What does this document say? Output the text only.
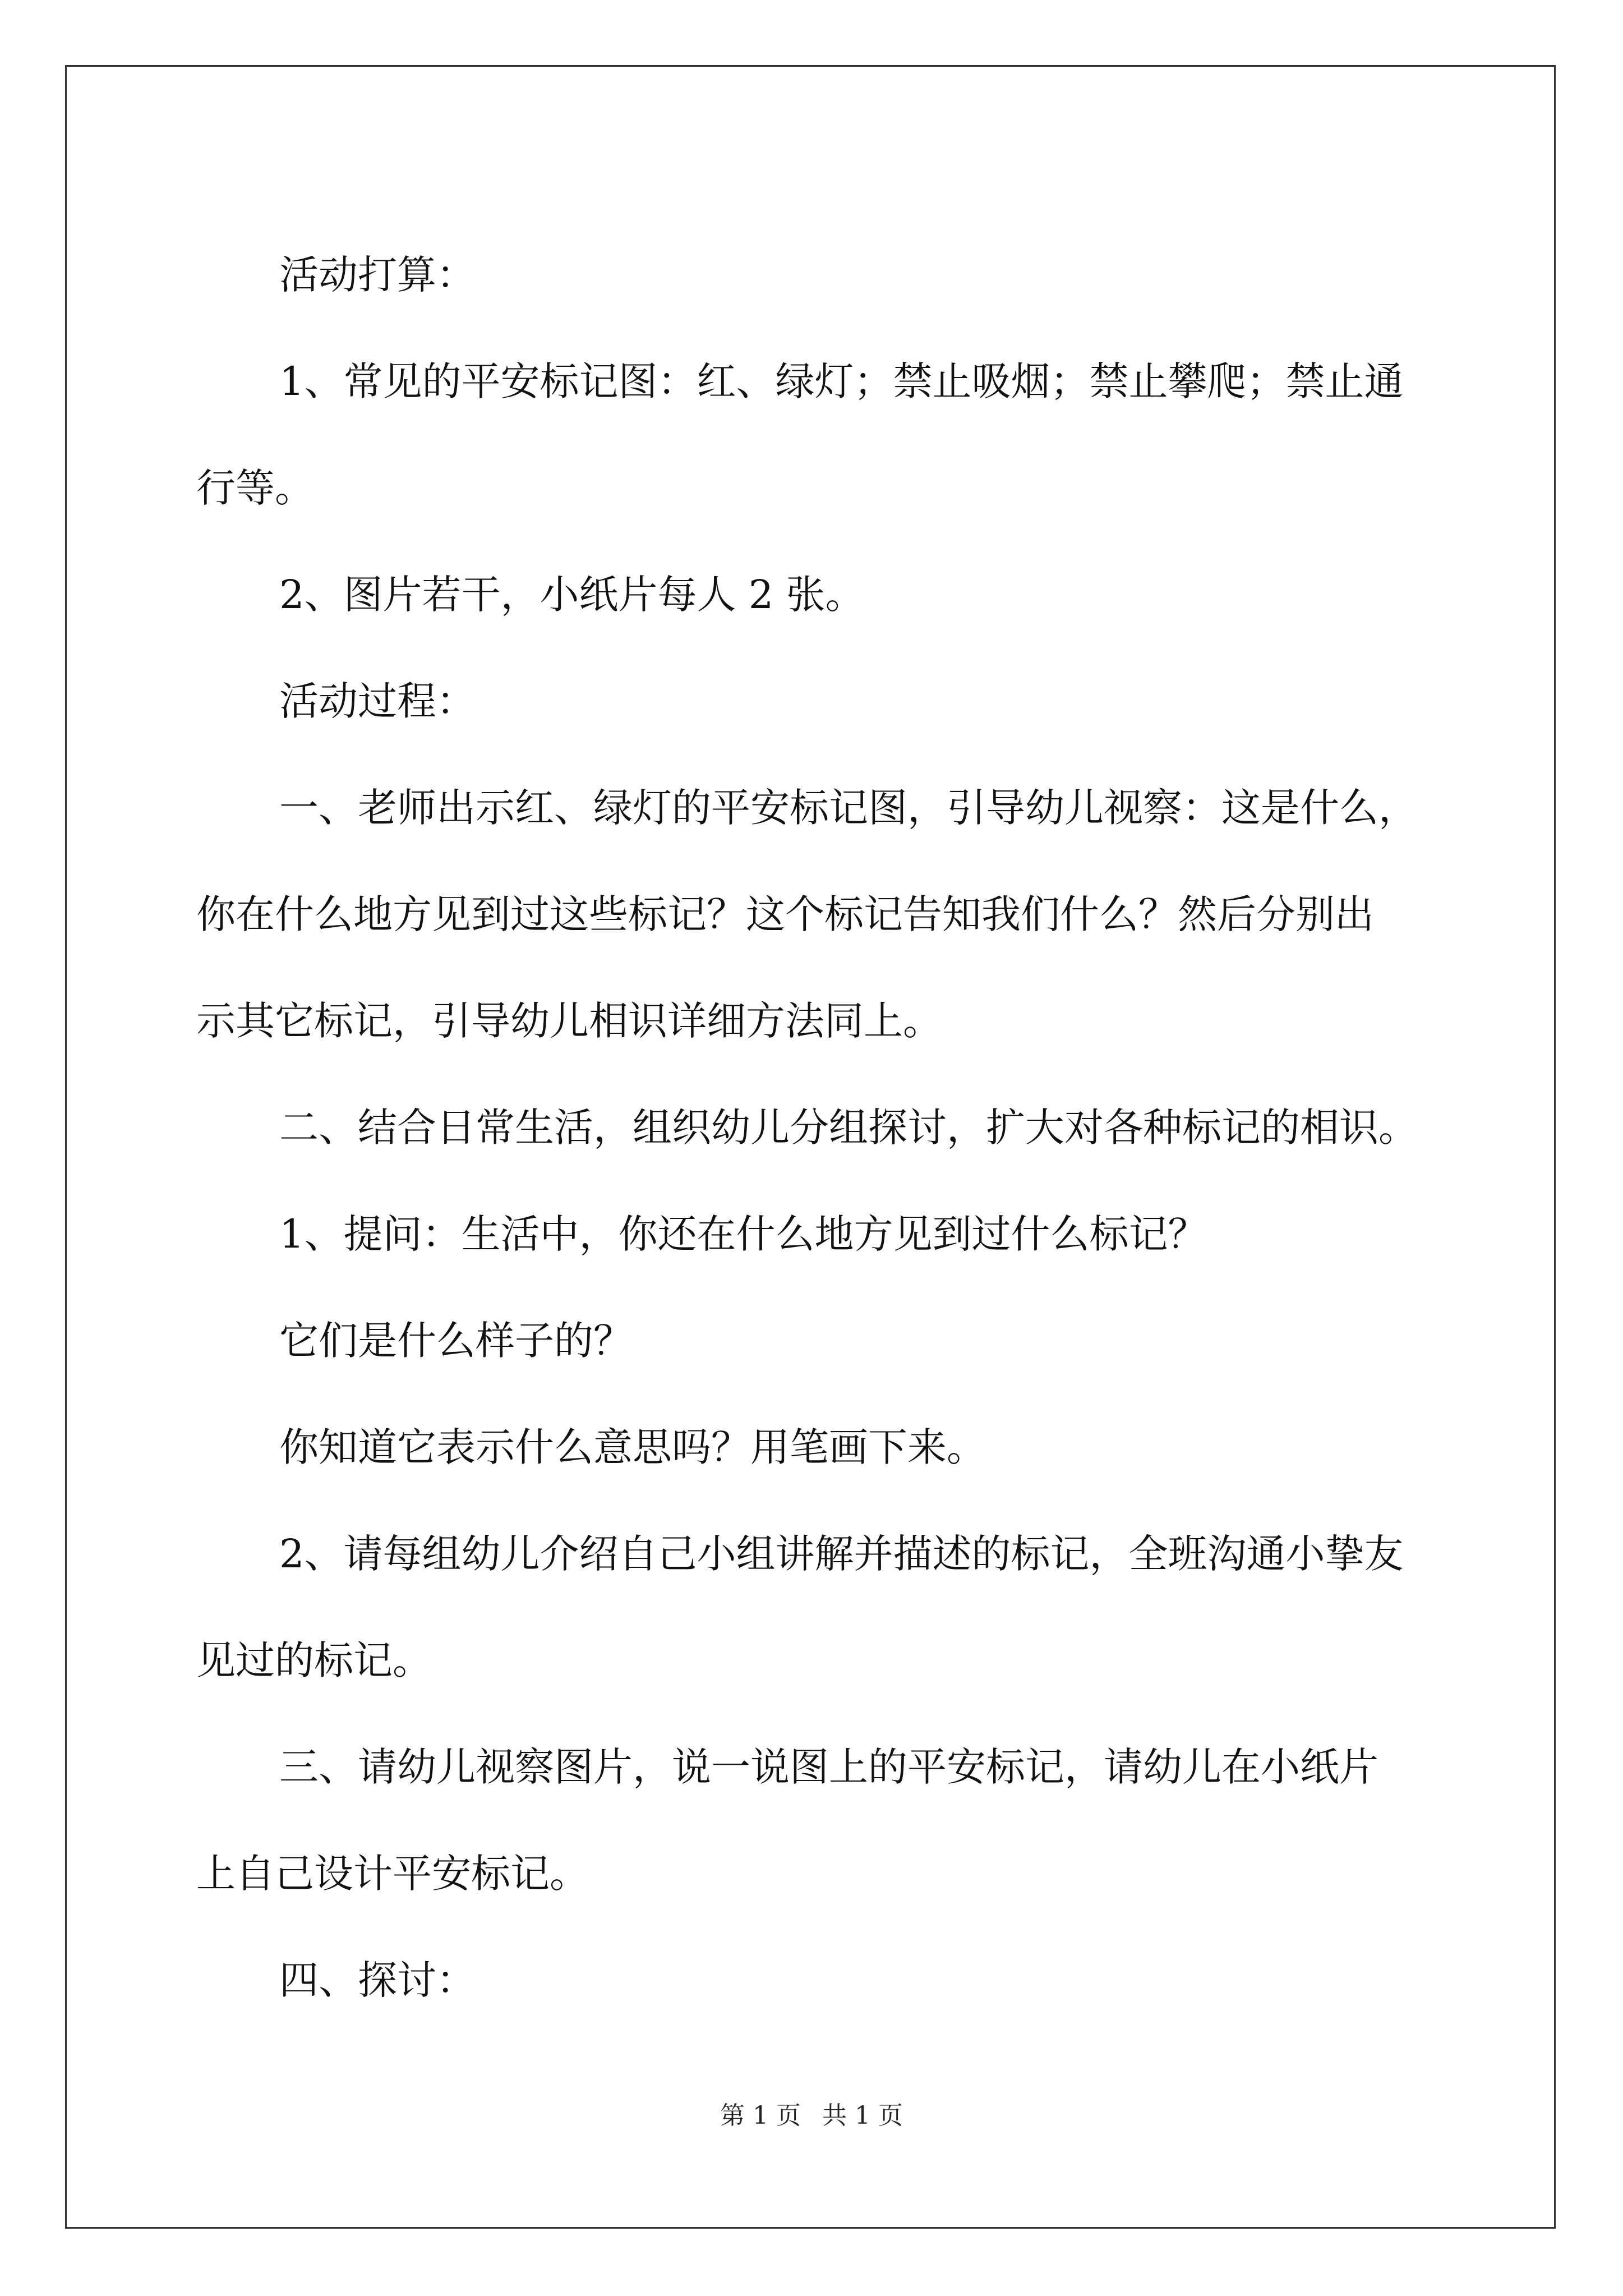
活动打算：

1、常见的平安标记图：红、绿灯；禁止吸烟；禁止攀爬；禁止通

行等。

2、图片若干，小纸片每人 2 张。

活动过程：

一、老师出示红、绿灯的平安标记图，引导幼儿视察：这是什么，

你在什么地方见到过这些标记？这个标记告知我们什么？然后分别出

示其它标记，引导幼儿相识详细方法同上。

二、结合日常生活，组织幼儿分组探讨，扩大对各种标记的相识。

1、提问：生活中，你还在什么地方见到过什么标记？

它们是什么样子的？

你知道它表示什么意思吗？用笔画下来。

2、请每组幼儿介绍自己小组讲解并描述的标记，全班沟通小挚友

见过的标记。

三、请幼儿视察图片，说一说图上的平安标记，请幼儿在小纸片

上自己设计平安标记。

四、探讨：

第 1 页 共 1 页
